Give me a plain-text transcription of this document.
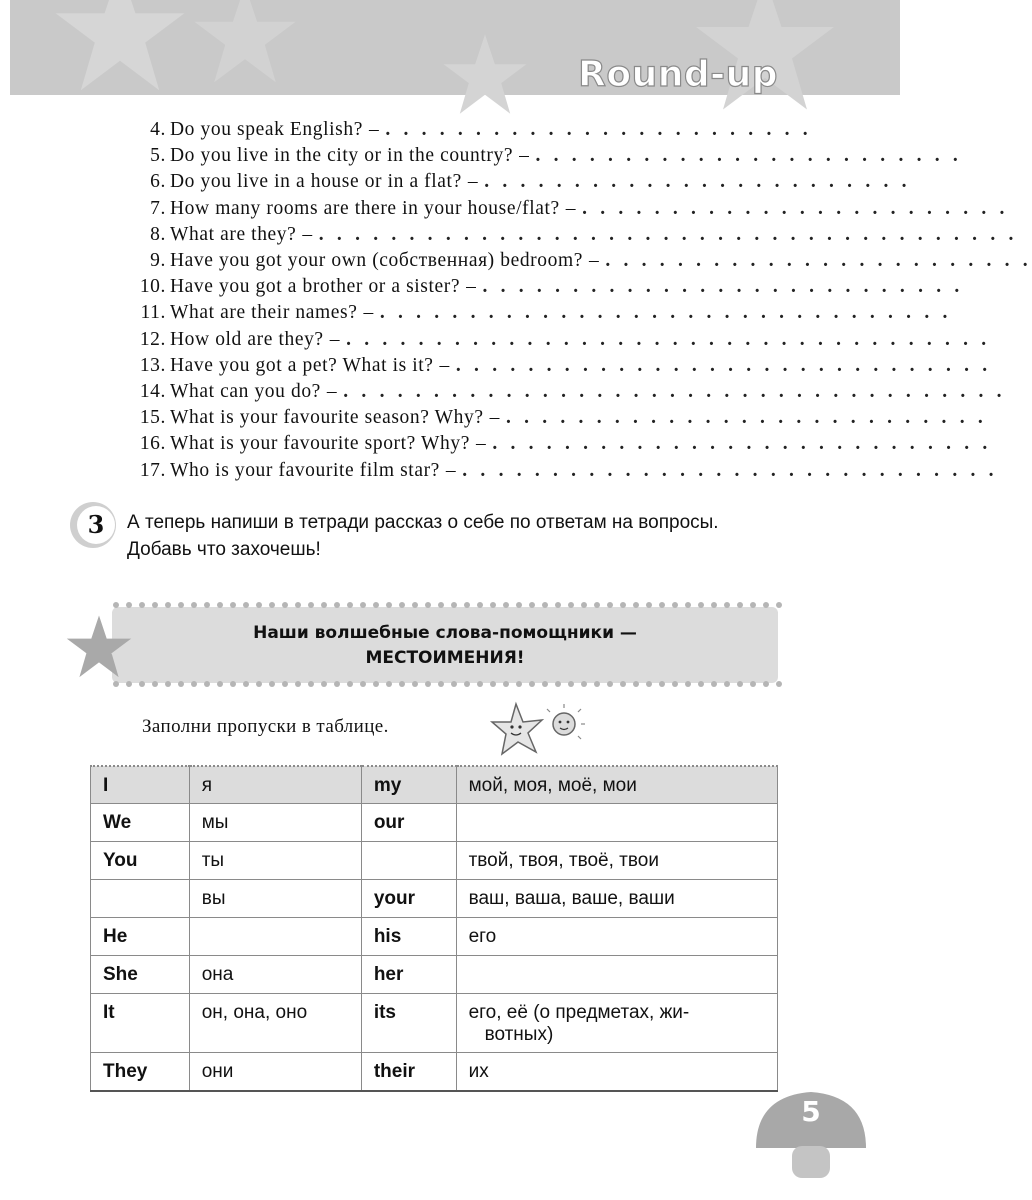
Round-up
4. Do you speak English? – . . . . . . . . . . . . . . . . . . . . . . . .
5. Do you live in the city or in the country? – . . . . . . . . . . . . . . . . . . . . . . . .
6. Do you live in a house or in a flat? – . . . . . . . . . . . . . . . . . . . . . . . .
7. How many rooms are there in your house/flat? – . . . . . . . . . . . . . . . . . . . . . . . .
8. What are they? – . . . . . . . . . . . . . . . . . . . . . . . . . . . . . . . . . . . . . . .
9. Have you got your own (собственная) bedroom? – . . . . . . . . . . . . . . . . . . . . . . . .
10. Have you got a brother or a sister? – . . . . . . . . . . . . . . . . . . . . . . . . . . .
11. What are their names? – . . . . . . . . . . . . . . . . . . . . . . . . . . . . . . . .
12. How old are they? – . . . . . . . . . . . . . . . . . . . . . . . . . . . . . . . . . . . .
13. Have you got a pet? What is it? – . . . . . . . . . . . . . . . . . . . . . . . . . . . . . .
14. What can you do? – . . . . . . . . . . . . . . . . . . . . . . . . . . . . . . . . . . . . .
15. What is your favourite season? Why? – . . . . . . . . . . . . . . . . . . . . . . . . . . .
16. What is your favourite sport? Why? – . . . . . . . . . . . . . . . . . . . . . . . . . . . .
17. Who is your favourite film star? – . . . . . . . . . . . . . . . . . . . . . . . . . . . . . .
3 А теперь напиши в тетради рассказ о себе по ответам на вопросы. Добавь что захочешь!
Наши волшебные слова-помощники —
МЕСТОИМЕНИЯ!
Заполни пропуски в таблице.
I	я	my	мой, моя, моё, мои
We	мы	our	
You	ты		твой, твоя, твоё, твои
	вы	your	ваш, ваша, ваше, ваши
He		his	его
She	она	her	
It	он, она, оно	its	его, её (о предметах, жи-
вотных)

They	они	their	их
5
